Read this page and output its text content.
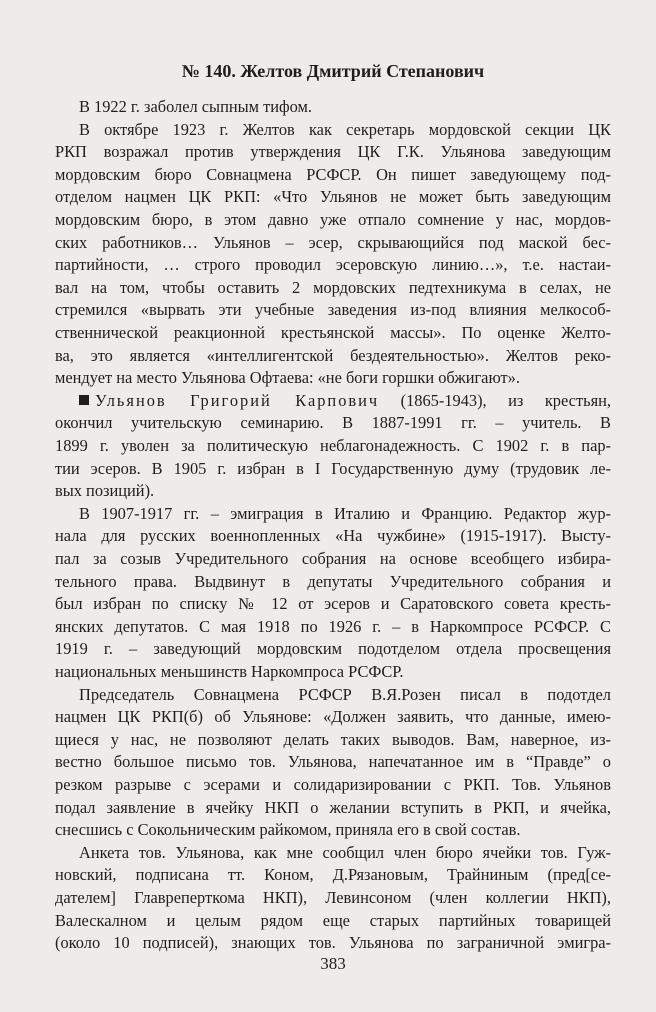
№ 140. Желтов Дмитрий Степанович
В 1922 г. заболел сыпным тифом.
В октябре 1923 г. Желтов как секретарь мордовской секции ЦК
РКП возражал против утверждения ЦК Г.К. Ульянова заведующим
мордовским бюро Совнацмена РСФСР. Он пишет заведующему под-
отделом нацмен ЦК РКП: «Что Ульянов не может быть заведующим
мордовским бюро, в этом давно уже отпало сомнение у нас, мордов-
ских работников… Ульянов – эсер, скрывающийся под маской бес-
партийности, … строго проводил эсеровскую линию…», т.е. настаи-
вал на том, чтобы оставить 2 мордовских педтехникума в селах, не
стремился «вырвать эти учебные заведения из-под влияния мелкособ-
ственнической реакционной крестьянской массы». По оценке Желто-
ва, это является «интеллигентской бездеятельностью». Желтов реко-
мендует на место Ульянова Офтаева: «не боги горшки обжигают».
Ульянов Григорий Карпович (1865-1943), из крестьян,
окончил учительскую семинарию. В 1887-1991 гг. – учитель. В
1899 г. уволен за политическую неблагонадежность. С 1902 г. в пар-
тии эсеров. В 1905 г. избран в I Государственную думу (трудовик ле-
вых позиций).
В 1907-1917 гг. – эмиграция в Италию и Францию. Редактор жур-
нала для русских военнопленных «На чужбине» (1915-1917). Высту-
пал за созыв Учредительного собрания на основе всеобщего избира-
тельного права. Выдвинут в депутаты Учредительного собрания и
был избран по списку № 12 от эсеров и Саратовского совета кресть-
янских депутатов. С мая 1918 по 1926 г. – в Наркомпросе РСФСР. С
1919 г. – заведующий мордовским подотделом отдела просвещения
национальных меньшинств Наркомпроса РСФСР.
Председатель Совнацмена РСФСР В.Я.Розен писал в подотдел
нацмен ЦК РКП(б) об Ульянове: «Должен заявить, что данные, имею-
щиеся у нас, не позволяют делать таких выводов. Вам, наверное, из-
вестно большое письмо тов. Ульянова, напечатанное им в “Правде” о
резком разрыве с эсерами и солидаризировании с РКП. Тов. Ульянов
подал заявление в ячейку НКП о желании вступить в РКП, и ячейка,
снесшись с Сокольническим райкомом, приняла его в свой состав.
383
Анкета тов. Ульянова, как мне сообщил член бюро ячейки тов. Гуж-
новский, подписана тт. Коном, Д.Рязановым, Трайниным (пред[се-
дателем] Главреперткома НКП), Левинсоном (член коллегии НКП),
Валескалном и целым рядом еще старых партийных товарищей
(около 10 подписей), знающих тов. Ульянова по заграничной эмигра-
